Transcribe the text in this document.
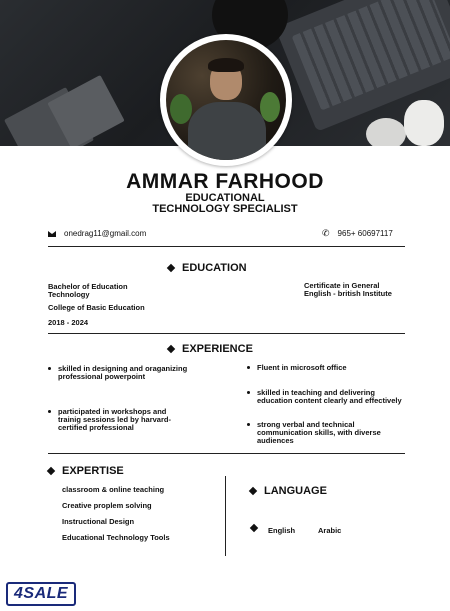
AMMAR FARHOOD
EDUCATIONAL
TECHNOLOGY SPECIALIST
onedrag11@gmail.com	✆ 965+ 60697117
EDUCATION
Bachelor of Education
Technology
College of Basic Education
2018 - 2024
Certificate in General
English - british Institute
EXPERIENCE
skilled in designing and oraganizing professional powerpoint
participated in workshops and trainig sessions led by harvard-certified professional
Fluent in microsoft office
skilled in teaching and delivering education content clearly and effectively
strong verbal and technical communication skills, with diverse audiences
EXPERTISE
classroom & online teaching
Creative proplem solving
Instructional Design
Educational Technology Tools
LANGUAGE
English	Arabic
4SALE
